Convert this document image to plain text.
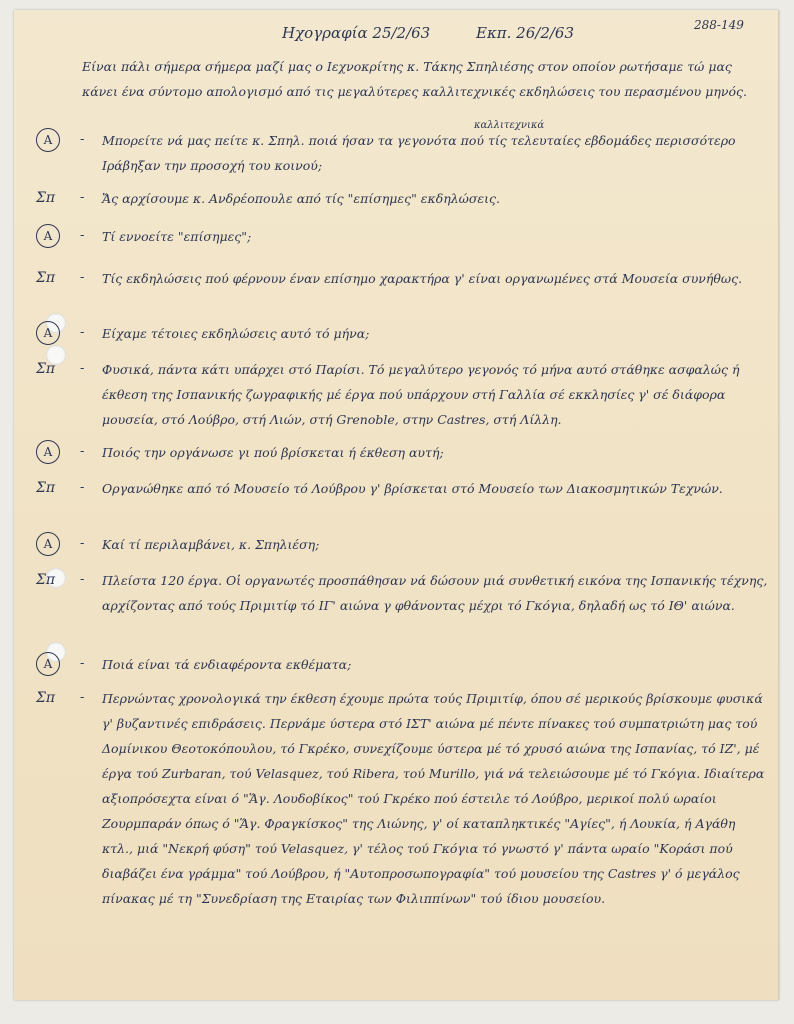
Ηχογραφία 25/2/63	Εκπ. 26/2/63	288-149
Είναι πάλι σήμερα σήμερα μαζί μας ο Ιεχνοκρίτης κ. Τάκης Σπηλιέσης στον οποίον ρωτήσαμε τώ μας κάνει ένα σύντομο απολογισμό από τις μεγαλύτερες καλλιτεχνικές εκδηλώσεις του περασμένου μηνός.
καλλιτεχνικά
A	-	Μπορείτε νά μας πείτε κ. Σπηλ. ποιά ήσαν τα γεγονότα πού τίς τελευταίες εβδομάδες περισσότερο Ιράβηξαν την προσοχή του κοινού;
Σπ	-	Ἄς αρχίσουμε κ. Ανδρέοπουλε από τίς "επίσημες" εκδηλώσεις.
A	-	Τί εννοείτε "επίσημες";
Σπ	-	Τίς εκδηλώσεις πού φέρνουν έναν επίσημο χαρακτήρα γ' είναι οργανωμένες στά Μουσεία συνήθως.
A	-	Είχαμε τέτοιες εκδηλώσεις αυτό τό μήνα;
Σπ	-	Φυσικά, πάντα κάτι υπάρχει στό Παρίσι. Τό μεγαλύτερο γεγονός τό μήνα αυτό στάθηκε ασφαλώς ή έκθεση της Ισπανικής ζωγραφικής μέ έργα πού υπάρχουν στή Γαλλία σέ εκκλησίες γ' σέ διάφορα μουσεία, στό Λούβρο, στή Λιών, στή Grenoble, στην Castres, στή Λίλλη.
A	-	Ποιός την οργάνωσε γι πού βρίσκεται ή έκθεση αυτή;
Σπ	-	Οργανώθηκε από τό Μουσείο τό Λούβρου γ' βρίσκεται στό Μουσείο των Διακοσμητικών Τεχνών.
A	-	Καί τί περιλαμβάνει, κ. Σπηλιέση;
Σπ	-	Πλείστα 120 έργα. Οἱ οργανωτές προσπάθησαν νά δώσουν μιά συνθετική εικόνα της Ισπανικής τέχνης, αρχίζοντας από τούς Πριμιτίφ τό ΙΓ' αιώνα γ φθάνοντας μέχρι τό Γκόγια, δηλαδή ως τό ΙΘ' αιώνα.
A	-	Ποιά είναι τά ενδιαφέροντα εκθέματα;
Σπ	-	Περνώντας χρονολογικά την έκθεση έχουμε πρώτα τούς Πριμιτίφ, όπου σέ μερικούς βρίσκουμε φυσικά γ' βυζαντινές επιδράσεις. Περνάμε ύστερα στό ΙΣΤ' αιώνα μέ πέντε πίνακες τού συμπατριώτη μας τού Δομίνικου Θεοτοκόπουλου, τό Γκρέκο, συνεχίζουμε ύστερα μέ τό χρυσό αιώνα της Ισπανίας, τό ΙΖ', μέ έργα τού Zurbaran, τού Velasquez, τού Ribera, τού Murillo, γιά νά τελειώσουμε μέ τό Γκόγια. Ιδιαίτερα αξιοπρόσεχτα είναι ό "Ἅγ. Λουδοβίκος" τού Γκρέκο πού έστειλε τό Λούβρο, μερικοί πολύ ωραίοι Ζουρμπαράν όπως ό "Ἅγ. Φραγκίσκος" της Λιώνης, γ' οί καταπληκτικές "Αγίες", ή Λουκία, ή Αγάθη κτλ., μιά "Νεκρή φύση" τού Velasquez, γ' τέλος τού Γκόγια τό γνωστό γ' πάντα ωραίο "Κοράσι πού διαβάζει ένα γράμμα" τού Λούβρου, ή "Αυτοπροσωπογραφία" τού μουσείου της Castres γ' ό μεγάλος πίνακας μέ τη "Συνεδρίαση της Εταιρίας των Φιλιππίνων" τού ίδιου μουσείου.
